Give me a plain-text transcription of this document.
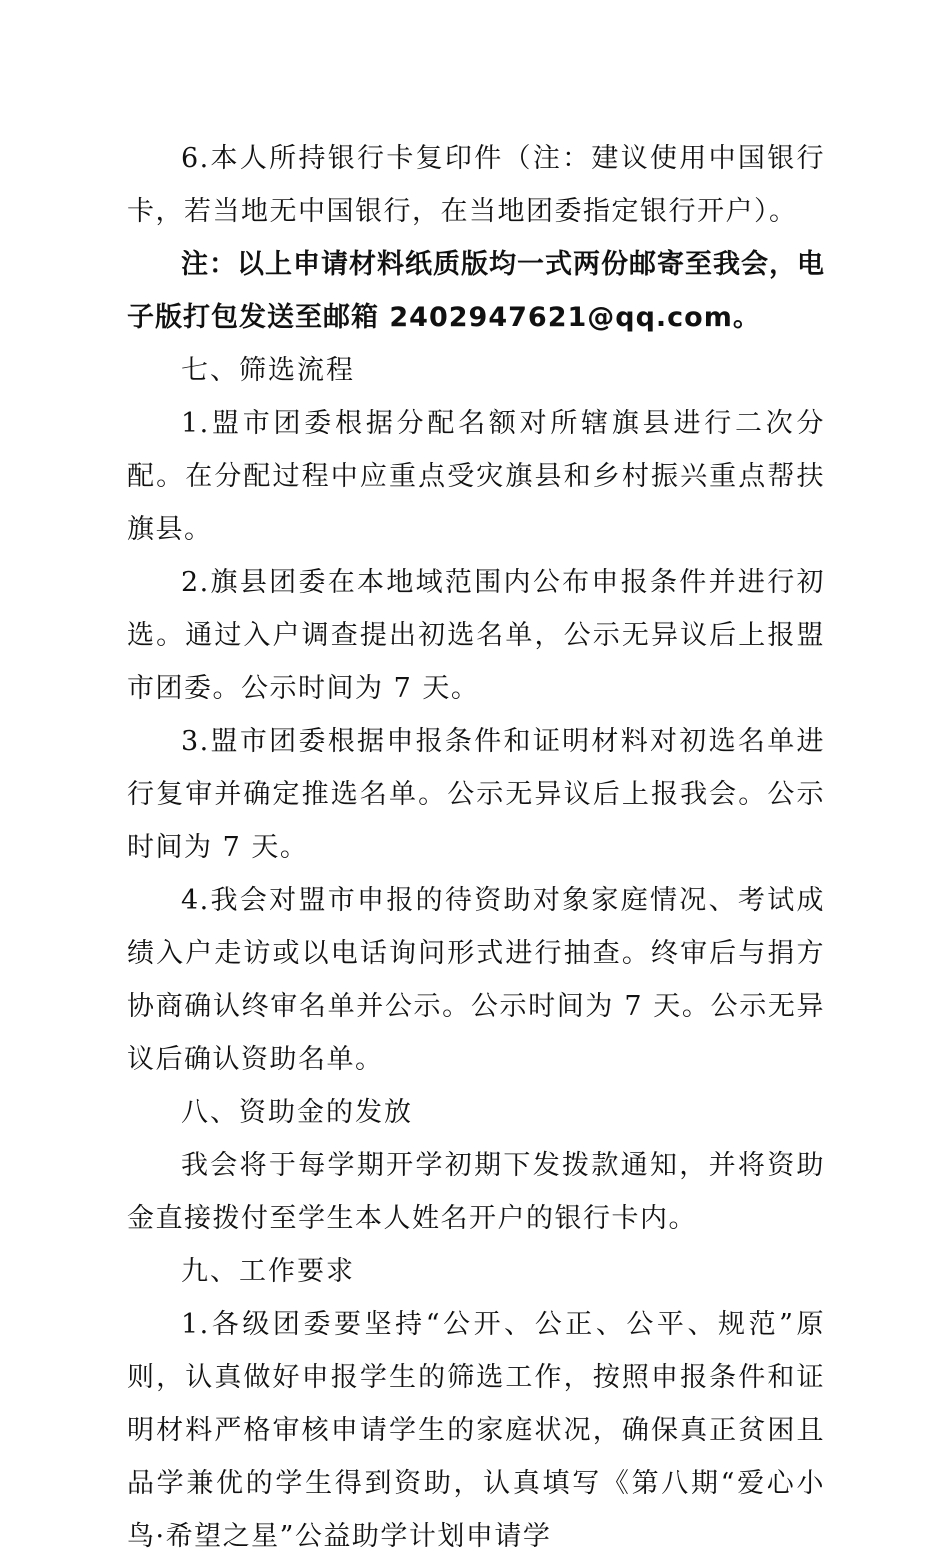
6.本人所持银行卡复印件（注：建议使用中国银行卡，若当地无中国银行，在当地团委指定银行开户）。

注：以上申请材料纸质版均一式两份邮寄至我会，电子版打包发送至邮箱 2402947621@qq.com。

七、筛选流程

1.盟市团委根据分配名额对所辖旗县进行二次分配。在分配过程中应重点受灾旗县和乡村振兴重点帮扶旗县。

2.旗县团委在本地域范围内公布申报条件并进行初选。通过入户调查提出初选名单，公示无异议后上报盟市团委。公示时间为 7 天。

3.盟市团委根据申报条件和证明材料对初选名单进行复审并确定推选名单。公示无异议后上报我会。公示时间为 7 天。

4.我会对盟市申报的待资助对象家庭情况、考试成绩入户走访或以电话询问形式进行抽查。终审后与捐方协商确认终审名单并公示。公示时间为 7 天。公示无异议后确认资助名单。

八、资助金的发放

我会将于每学期开学初期下发拨款通知，并将资助金直接拨付至学生本人姓名开户的银行卡内。

九、工作要求

1.各级团委要坚持“公开、公正、公平、规范”原则，认真做好申报学生的筛选工作，按照申报条件和证明材料严格审核申请学生的家庭状况，确保真正贫困且品学兼优的学生得到资助，认真填写《第八期“爱心小鸟·希望之星”公益助学计划申请学
